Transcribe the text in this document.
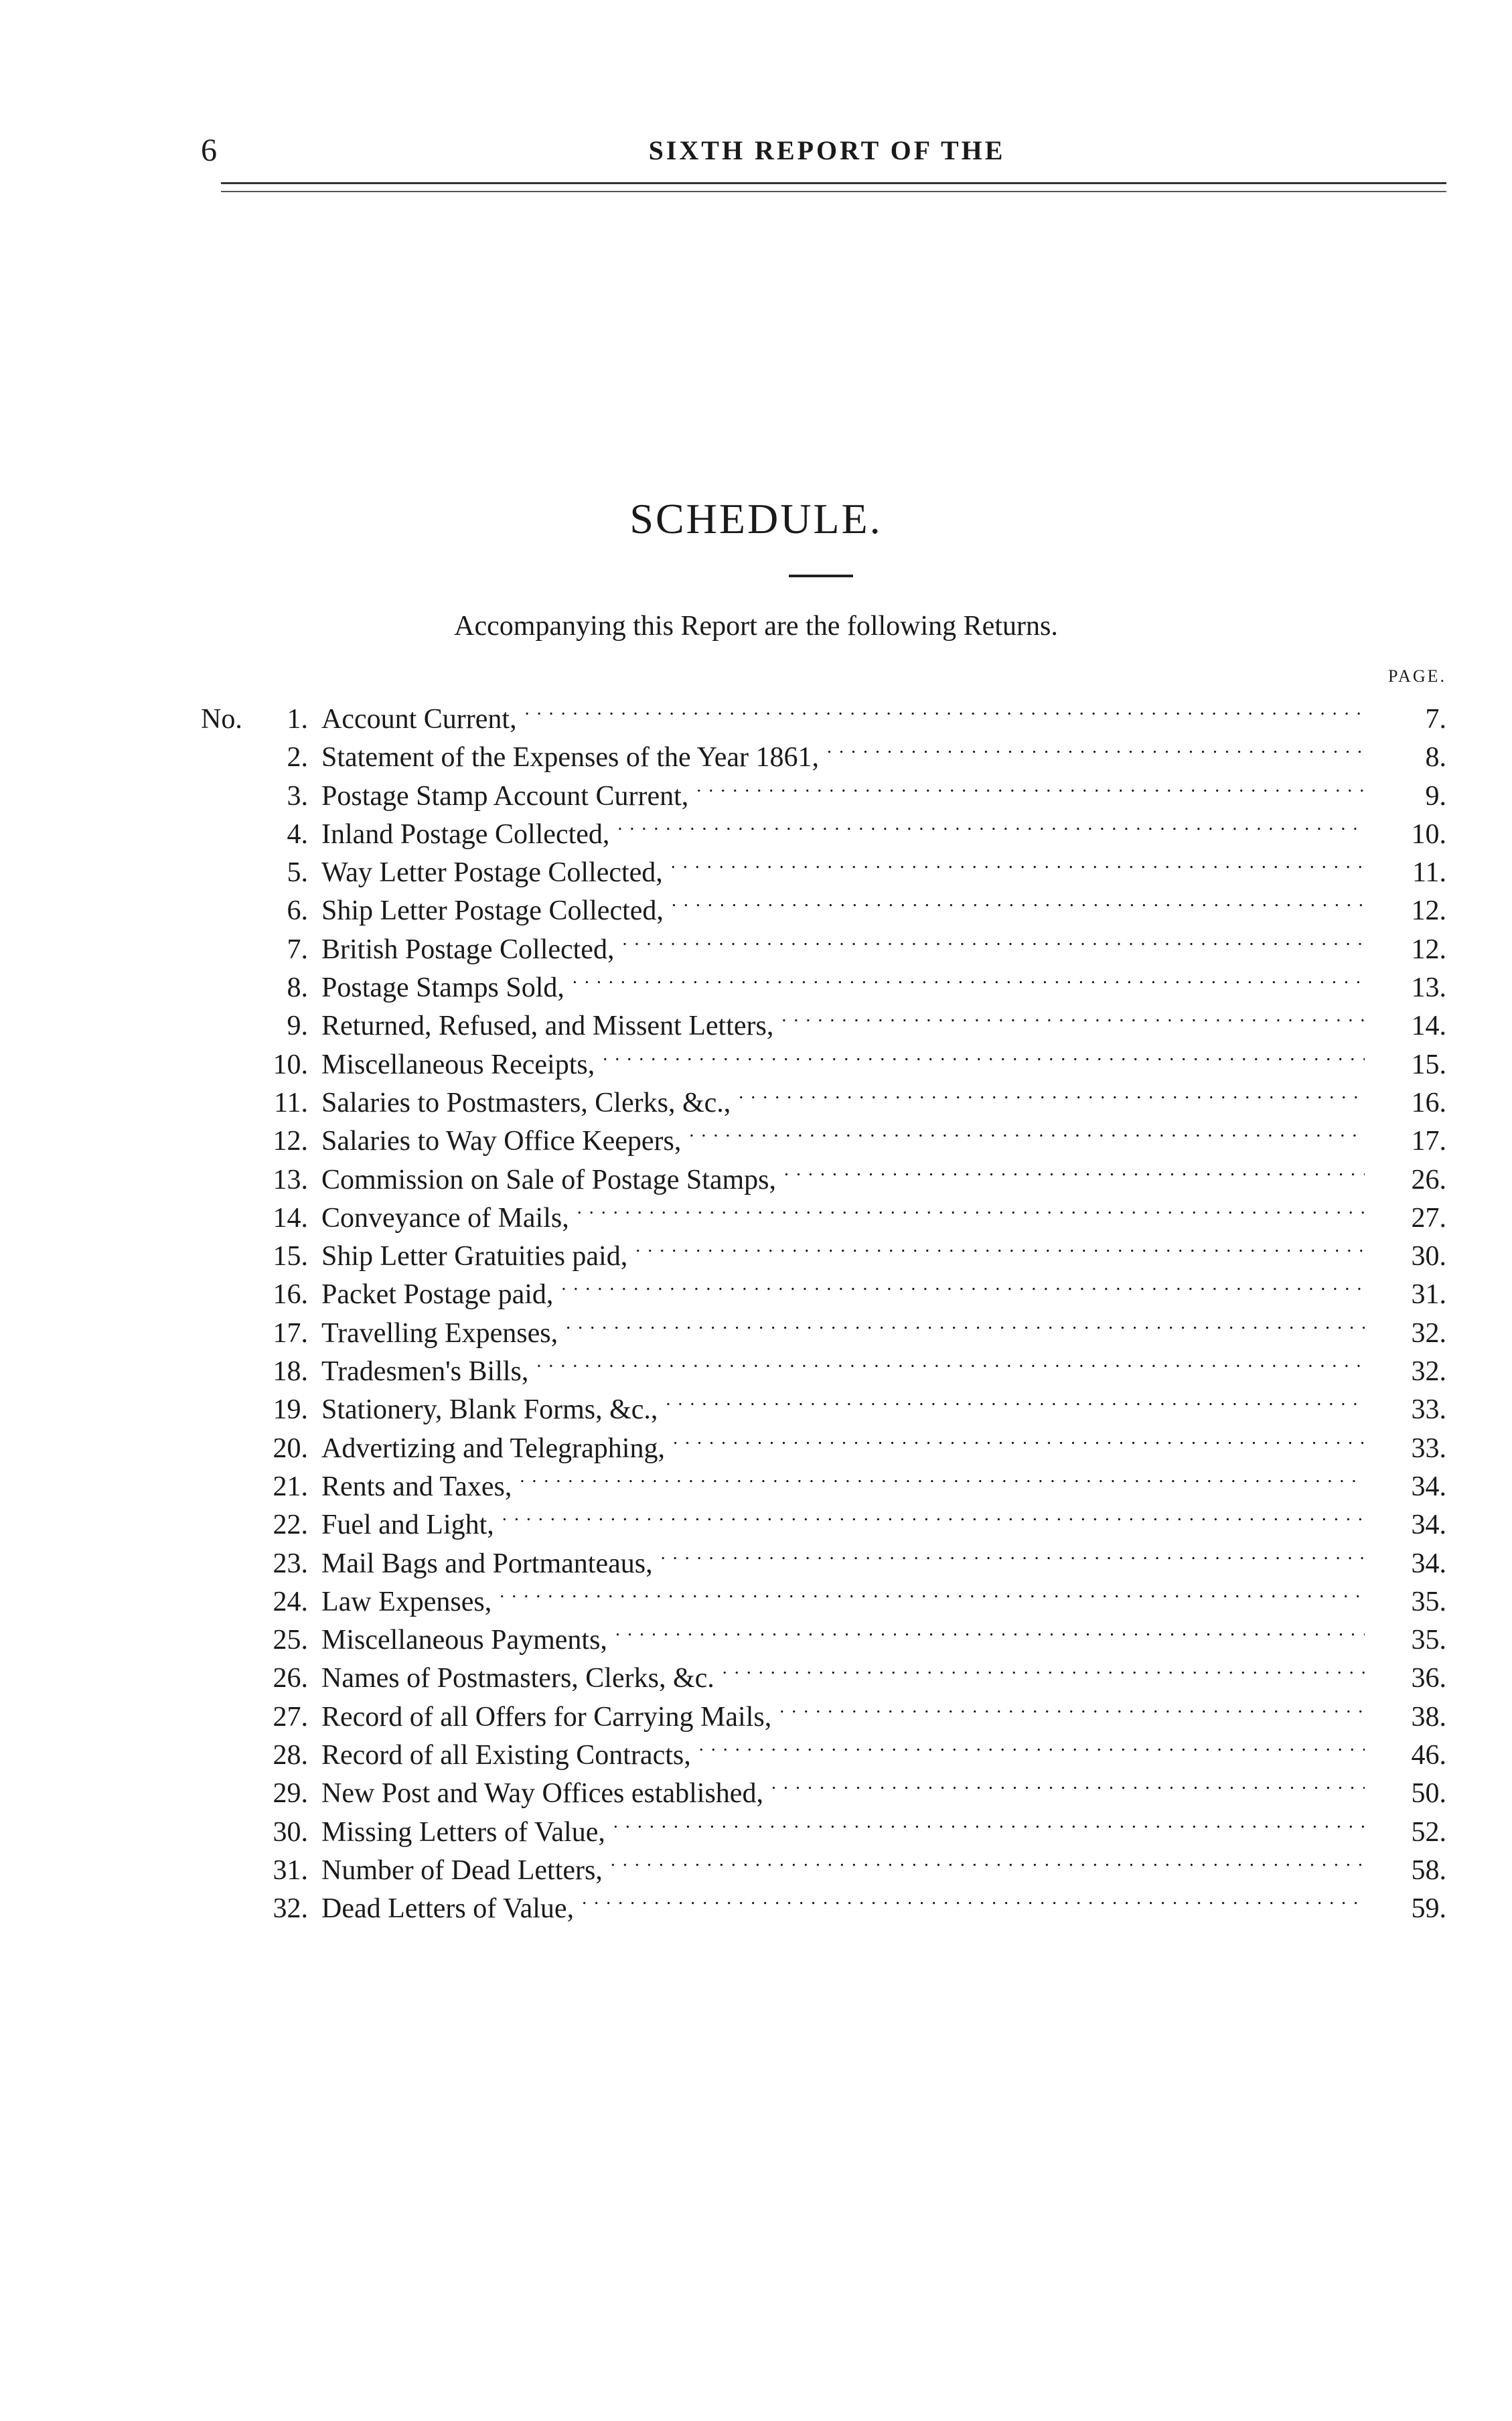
6	SIXTH REPORT OF THE
SCHEDULE.
Accompanying this Report are the following Returns.
PAGE.
No.	1. Account Current, . . .	7.
2. Statement of the Expenses of the Year 1861, . . .	8.
3. Postage Stamp Account Current, . . .	9.
4. Inland Postage Collected, . . .	10.
5. Way Letter Postage Collected, . . .	11.
6. Ship Letter Postage Collected, . . .	12.
7. British Postage Collected, . . .	12.
8. Postage Stamps Sold, . . .	13.
9. Returned, Refused, and Missent Letters, . . .	14.
10. Miscellaneous Receipts, . . .	15.
11. Salaries to Postmasters, Clerks, &c., . . .	16.
12. Salaries to Way Office Keepers, . . .	17.
13. Commission on Sale of Postage Stamps, . . .	26.
14. Conveyance of Mails, . . .	27.
15. Ship Letter Gratuities paid, . . .	30.
16. Packet Postage paid, . . .	31.
17. Travelling Expenses, . . .	32.
18. Tradesmen's Bills, . . .	32.
19. Stationery, Blank Forms, &c., . . .	33.
20. Advertizing and Telegraphing, . . .	33.
21. Rents and Taxes, . . .	34.
22. Fuel and Light, . . .	34.
23. Mail Bags and Portmanteaus, . . .	34.
24. Law Expenses, . . .	35.
25. Miscellaneous Payments, . . .	35.
26. Names of Postmasters, Clerks, &c. . . .	36.
27. Record of all Offers for Carrying Mails, . . .	38.
28. Record of all Existing Contracts, . . .	46.
29. New Post and Way Offices established, . . .	50.
30. Missing Letters of Value, . . .	52.
31. Number of Dead Letters, . . .	58.
32. Dead Letters of Value, . . .	59.
